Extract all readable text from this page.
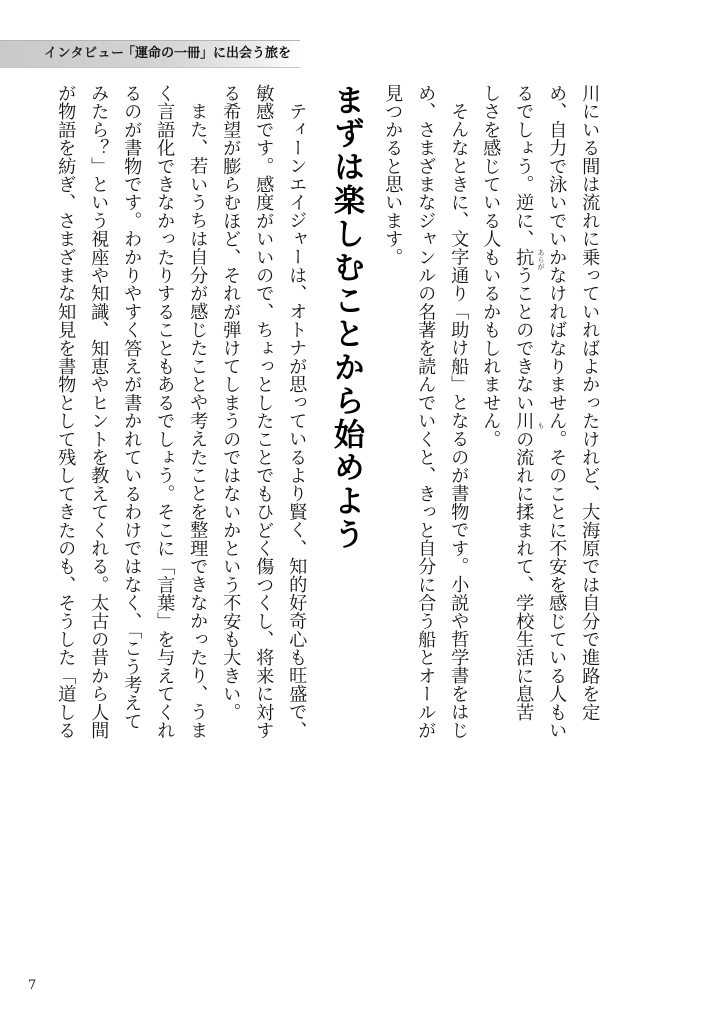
インタビュー
「運命の一冊」に出会う旅を
川にいる間は流れに乗っていればよかったけれど、大海原では自分で進路を定
め、自力で泳いでいかなければなりません。そのことに不安を感じている人もい
るでしょう。逆に、抗うことのできない川の流れに揉まれて、学校生活に息苦
しさを感じている人もいるかもしれません。
そんなときに、文字通り「助け船」となるのが書物です。小説や哲学書をはじ
め、さまざまなジャンルの名著を読んでいくと、きっと自分に合う船とオールが
見つかると思います。	あらが
も
まずは楽しむことから始めよう
ティーンエイジャーは、オトナが思っているより賢く、知的好奇心も旺盛で、
敏感です。感度がいいので、ちょっとしたことでもひどく傷つくし、将来に対す
る希望が膨らむほど、それが弾けてしまうのではないかという不安も大きい。
また、若いうちは自分が感じたことや考えたことを整理できなかったり、うま
く言語化できなかったりすることもあるでしょう。そこに「言葉」を与えてくれ
るのが書物です。わかりやすく答えが書かれているわけではなく、「こう考えて
みたら？」という視座や知識、知恵やヒントを教えてくれる。太古の昔から人間
が物語を紡ぎ、さまざまな知見を書物として残してきたのも、そうした「道しる
7
